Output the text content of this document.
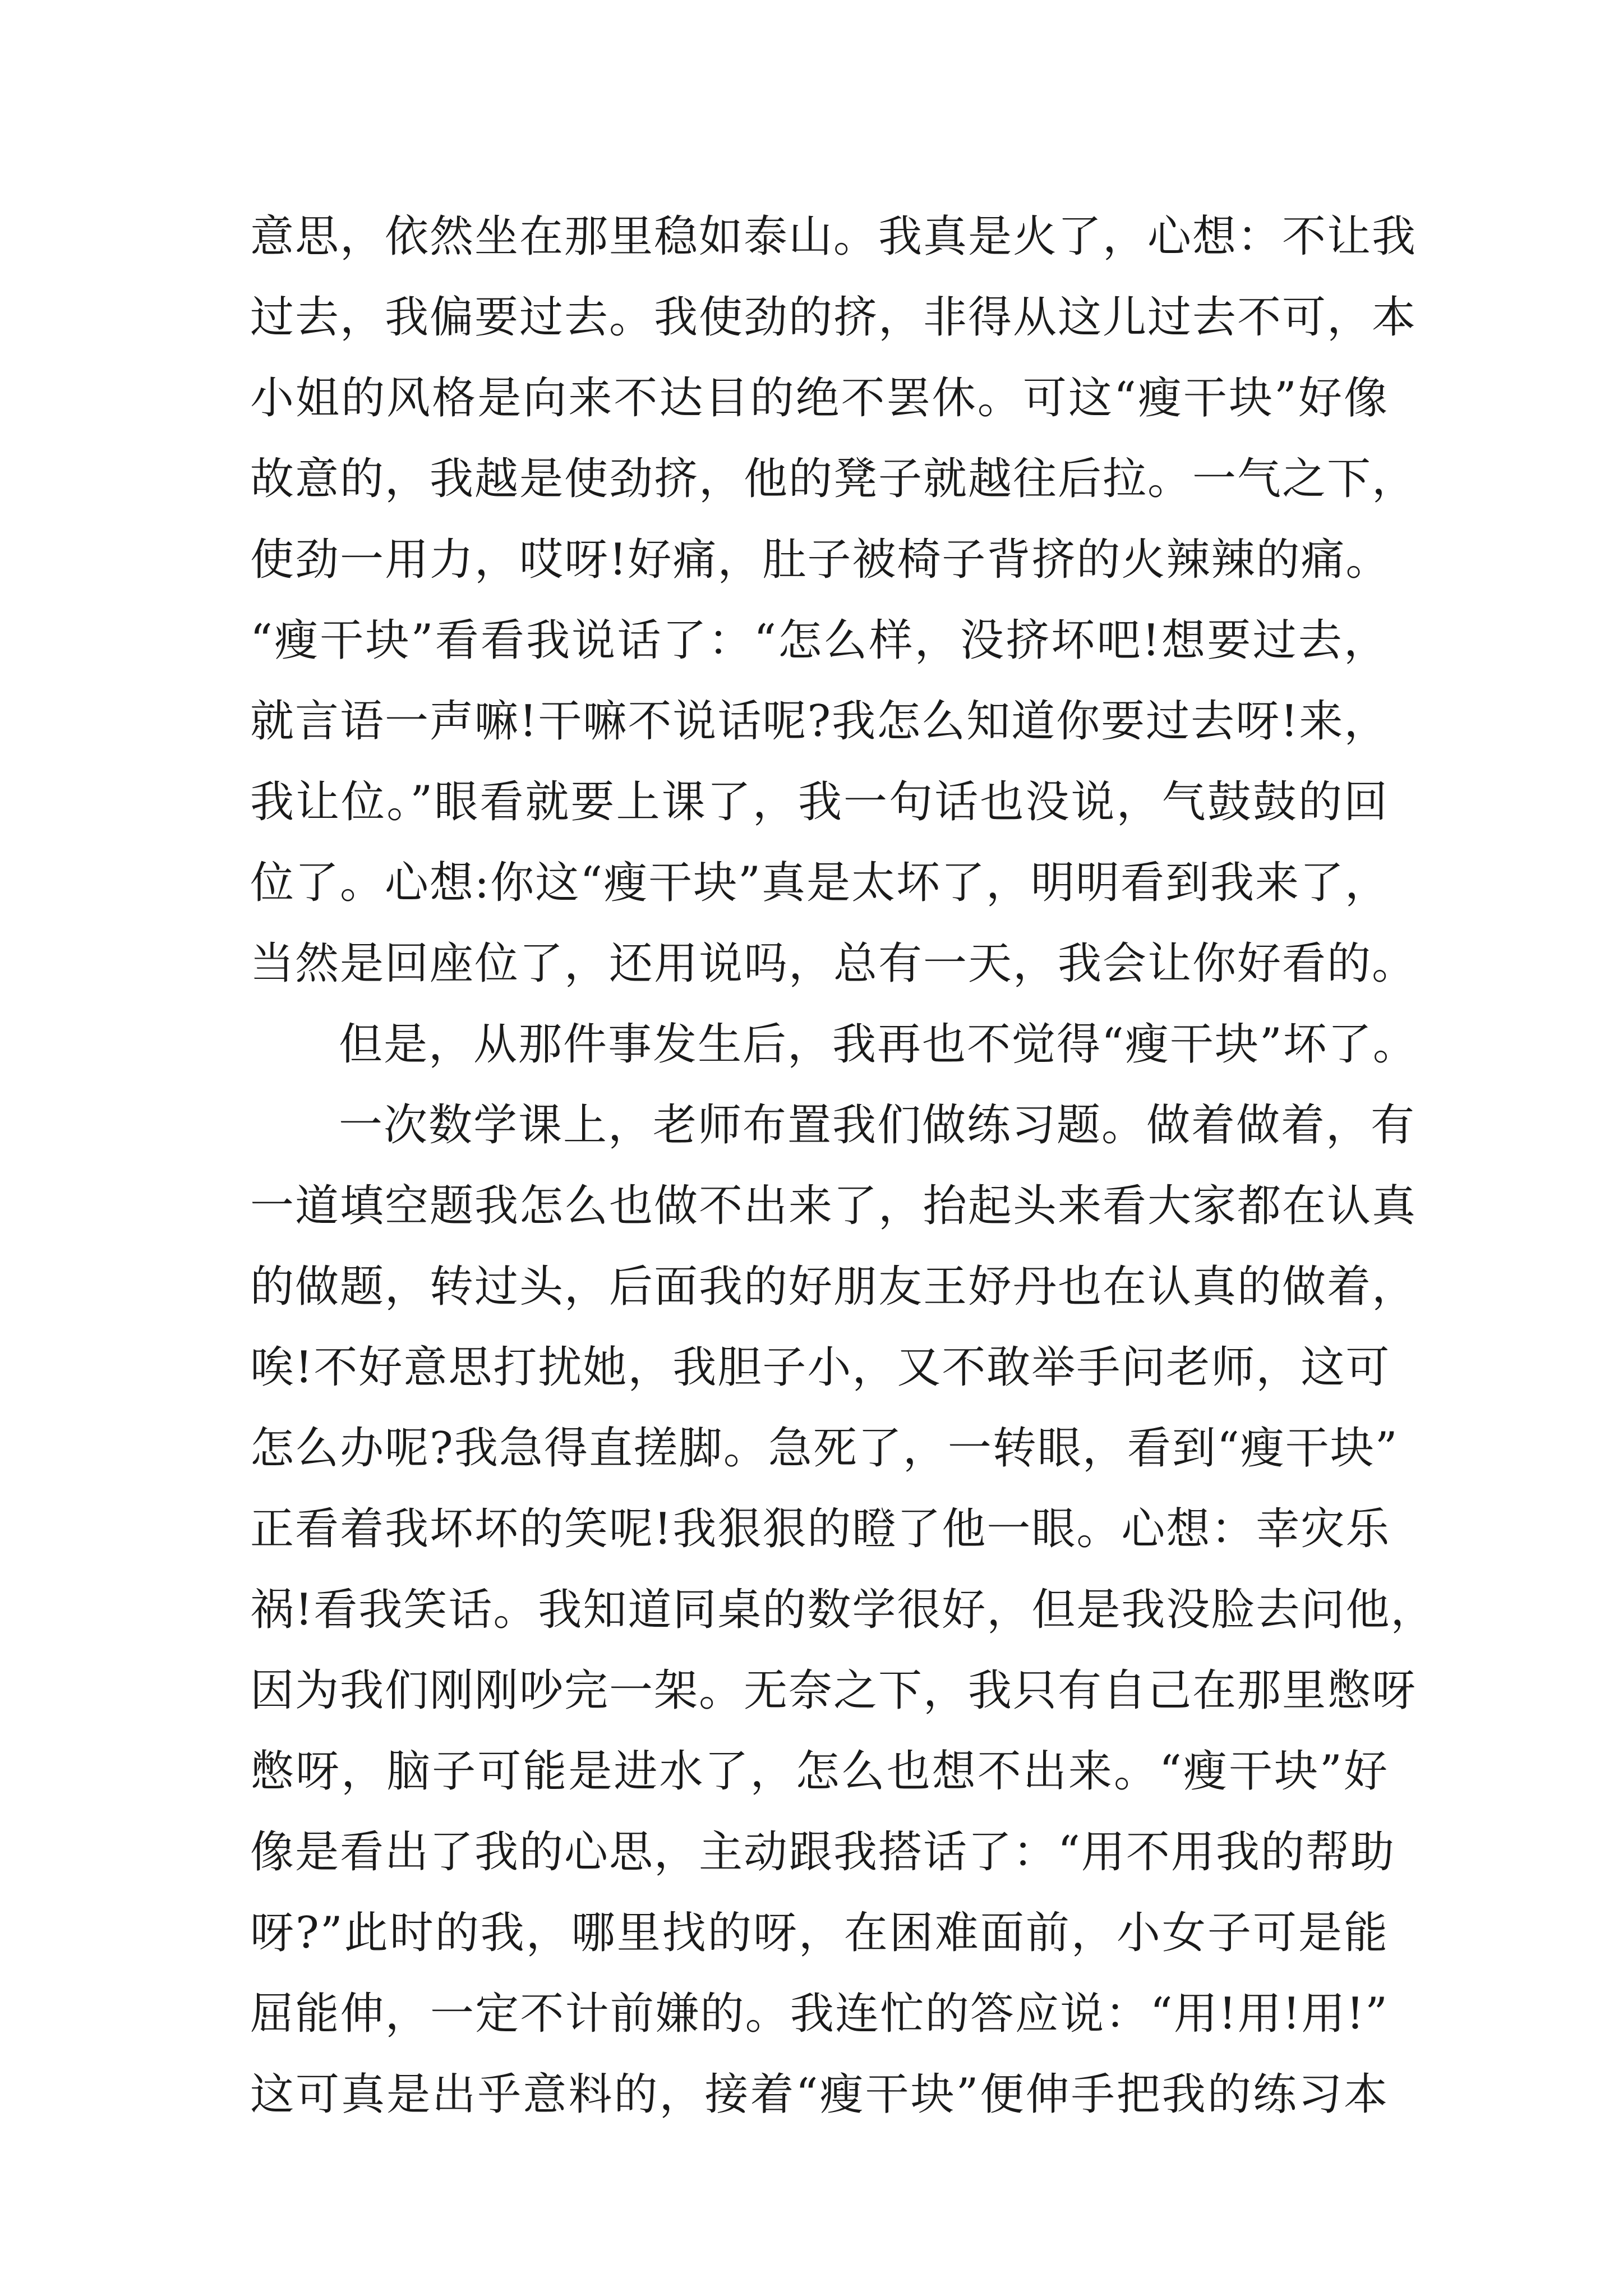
意思，依然坐在那里稳如泰山。我真是火了，心想：不让我
过去，我偏要过去。我使劲的挤，非得从这儿过去不可，本
小姐的风格是向来不达目的绝不罢休。可这“瘦干块”好像
故意的，我越是使劲挤，他的凳子就越往后拉。一气之下，
使劲一用力，哎呀!好痛，肚子被椅子背挤的火辣辣的痛。
“瘦干块”看看我说话了：“怎么样，没挤坏吧!想要过去，
就言语一声嘛!干嘛不说话呢?我怎么知道你要过去呀!来，
我让位。”眼看就要上课了，我一句话也没说，气鼓鼓的回
位了。心想:你这“瘦干块”真是太坏了，明明看到我来了，
当然是回座位了，还用说吗，总有一天，我会让你好看的。
但是，从那件事发生后，我再也不觉得“瘦干块”坏了。
一次数学课上，老师布置我们做练习题。做着做着，有
一道填空题我怎么也做不出来了，抬起头来看大家都在认真
的做题，转过头，后面我的好朋友王妤丹也在认真的做着，
唉!不好意思打扰她，我胆子小，又不敢举手问老师，这可
怎么办呢?我急得直搓脚。急死了，一转眼，看到“瘦干块”
正看着我坏坏的笑呢!我狠狠的瞪了他一眼。心想：幸灾乐
祸!看我笑话。我知道同桌的数学很好，但是我没脸去问他，
因为我们刚刚吵完一架。无奈之下，我只有自己在那里憋呀
憋呀，脑子可能是进水了，怎么也想不出来。“瘦干块”好
像是看出了我的心思，主动跟我搭话了：“用不用我的帮助
呀?”此时的我，哪里找的呀，在困难面前，小女子可是能
屈能伸，一定不计前嫌的。我连忙的答应说：“用!用!用!”
这可真是出乎意料的，接着“瘦干块”便伸手把我的练习本
